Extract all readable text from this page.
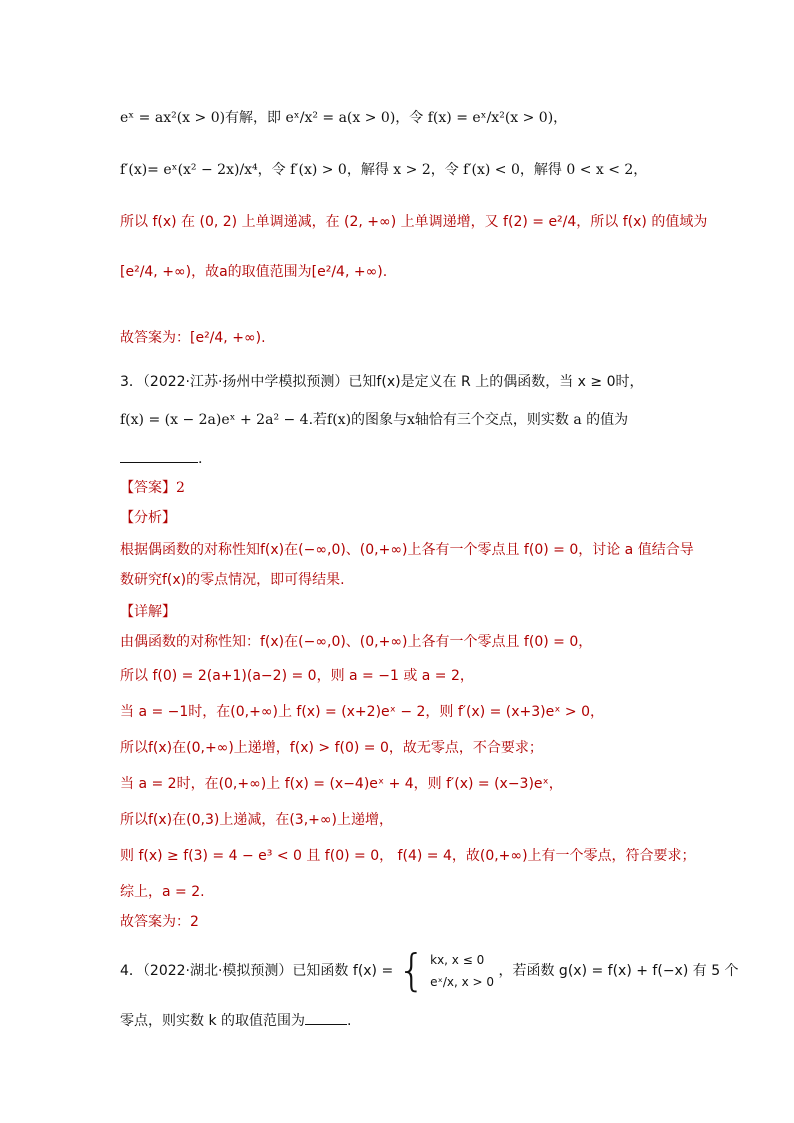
eˣ = ax²(x > 0)有解，即 eˣ/x² = a(x > 0)，令 f(x) = eˣ/x²(x > 0)，
f′(x)= eˣ(x² − 2x)/x⁴，令 f′(x) > 0，解得 x > 2，令 f′(x) < 0，解得 0 < x < 2，
所以 f(x) 在 (0, 2) 上单调递减，在 (2, +∞) 上单调递增，又 f(2) = e²/4，所以 f(x) 的值域为
[e²/4, +∞)，故a的取值范围为[e²/4, +∞).
故答案为：[e²/4, +∞).
3．（2022·江苏·扬州中学模拟预测）已知f(x)是定义在 R 上的偶函数，当 x ≥ 0时，
f(x) = (x − 2a)eˣ + 2a² − 4.若f(x)的图象与x轴恰有三个交点，则实数 a 的值为
.
【答案】2
【分析】
根据偶函数的对称性知f(x)在(−∞,0)、(0,+∞)上各有一个零点且 f(0) = 0，讨论 a 值结合导
数研究f(x)的零点情况，即可得结果.
【详解】
由偶函数的对称性知：f(x)在(−∞,0)、(0,+∞)上各有一个零点且 f(0) = 0，
所以 f(0) = 2(a+1)(a−2) = 0，则 a = −1 或 a = 2，
当 a = −1时，在(0,+∞)上 f(x) = (x+2)eˣ − 2，则 f′(x) = (x+3)eˣ > 0，
所以f(x)在(0,+∞)上递增，f(x) > f(0) = 0，故无零点，不合要求；
当 a = 2时，在(0,+∞)上 f(x) = (x−4)eˣ + 4，则 f′(x) = (x−3)eˣ，
所以f(x)在(0,3)上递减，在(3,+∞)上递增，
则 f(x) ≥ f(3) = 4 − e³ < 0 且 f(0) = 0， f(4) = 4，故(0,+∞)上有一个零点，符合要求；
综上，a = 2.
故答案为：2
4．（2022·湖北·模拟预测）已知函数 f(x) = { kx, x ≤ 0
eˣ/x, x > 0
，若函数 g(x) = f(x) + f(−x) 有 5 个
零点，则实数 k 的取值范围为	.
